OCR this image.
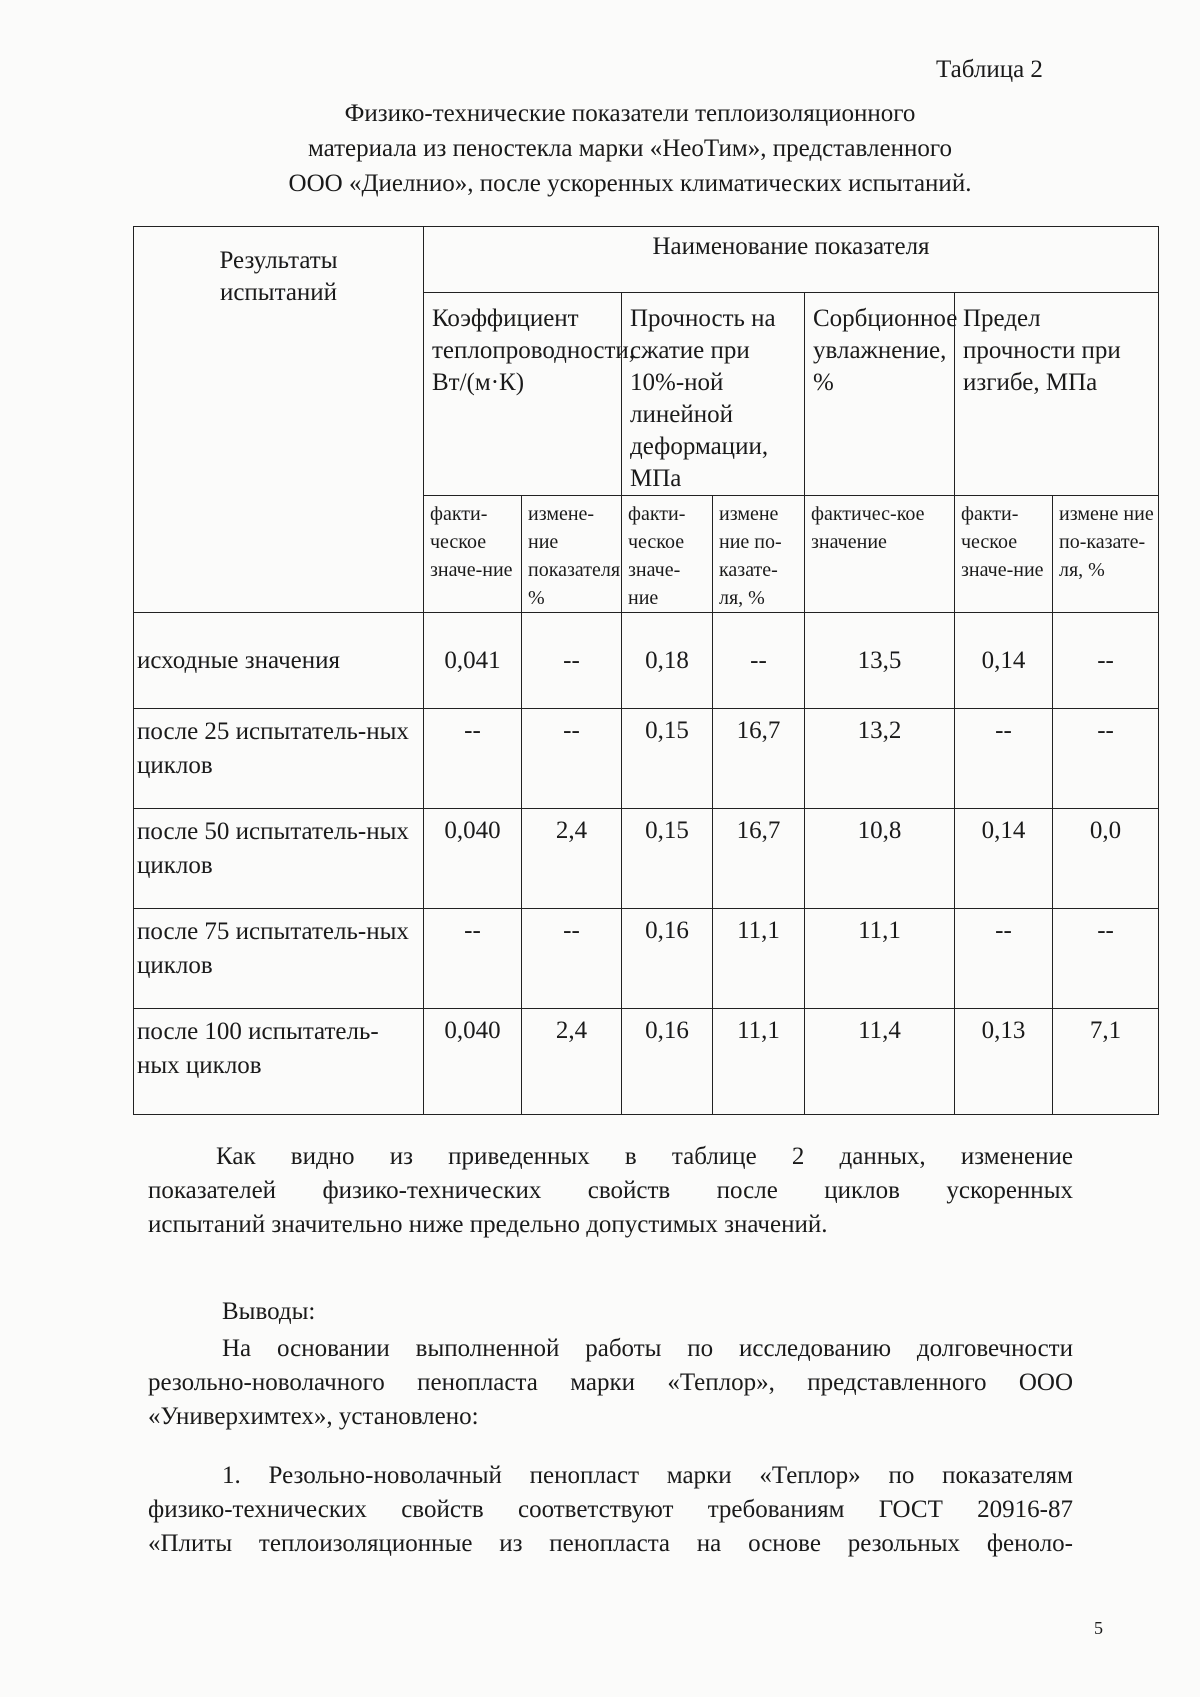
Таблица 2
Физико-технические показатели теплоизоляционного
материала из пеностекла марки «НеоТим», представленного
ООО «Диелнио», после ускоренных климатических испытаний.
Результаты испытаний	Наименование показателя						
	Коэффициент теплопроводности, Вт/(м·К)		Прочность на сжатие при 10%-ной линейной деформации, МПа		Сорбционное увлажнение, %	Предел прочности при изгибе, МПа	
	факти-ческое значе-ние	измене-ние показателя %	факти-ческое значе-ние	измене ние по-казате-ля, %	фактичес-кое значение	факти-ческое значе-ние	измене ние по-казате-ля, %
исходные значения	0,041	--	0,18	--	13,5	0,14	--
после 25 испытатель-ных циклов	--	--	0,15	16,7	13,2	--	--
после 50 испытатель-ных циклов	0,040	2,4	0,15	16,7	10,8	0,14	0,0
после 75 испытатель-ных циклов	--	--	0,16	11,1	11,1	--	--
после 100 испытатель-ных циклов	0,040	2,4	0,16	11,1	11,4	0,13	7,1
Как видно из приведенных в таблице 2 данных, изменение
показателей физико-технических свойств после циклов ускоренных
испытаний значительно ниже предельно допустимых значений.
Выводы:
На основании выполненной работы по исследованию долговечности
резольно-новолачного пенопласта марки «Теплор», представленного ООО
«Универхимтех», установлено:
1. Резольно-новолачный пенопласт марки «Теплор» по показателям
физико-технических свойств соответствуют требованиям ГОСТ 20916-87
«Плиты теплоизоляционные из пенопласта на основе резольных феноло-
5
